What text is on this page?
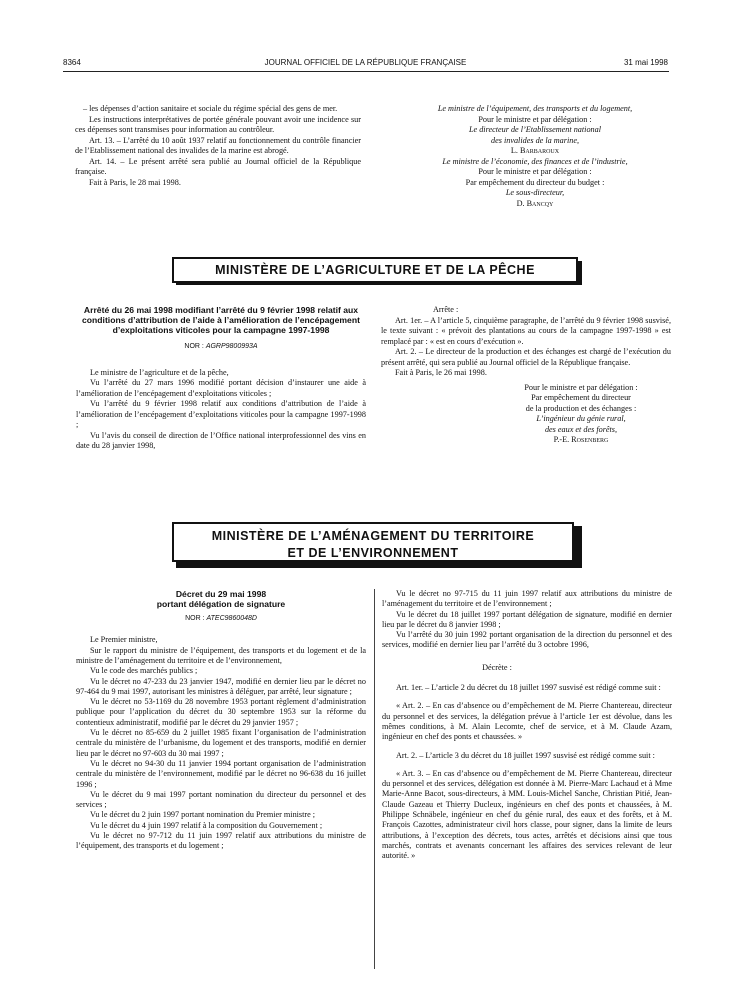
8364	JOURNAL OFFICIEL DE LA RÉPUBLIQUE FRANÇAISE	31 mai 1998

– les dépenses d’action sanitaire et sociale du régime spécial des gens de mer.

Les instructions interprétatives de portée générale pouvant avoir une incidence sur ces dépenses sont transmises pour information au contrôleur.

Art. 13. – L’arrêté du 10 août 1937 relatif au fonctionnement du contrôle financier de l’Etablissement national des invalides de la marine est abrogé.

Art. 14. – Le présent arrêté sera publié au Journal officiel de la République française.

Fait à Paris, le 28 mai 1998.

Le ministre de l’équipement, des transports et du logement,

Pour le ministre et par délégation :

Le directeur de l’Etablissement national

des invalides de la marine,

L. Barbaroux

Le ministre de l’économie, des finances et de l’industrie,

Pour le ministre et par délégation :

Par empêchement du directeur du budget :

Le sous-directeur,

D. Bancqy

MINISTÈRE DE L’AGRICULTURE ET DE LA PÊCHE
Arrêté du 26 mai 1998 modifiant l’arrêté du 9 février 1998 relatif aux conditions d’attribution de l’aide à l’amélioration de l’encépagement d’exploitations viticoles pour la campagne 1997-1998
NOR : AGRP9800993A

Le ministre de l’agriculture et de la pêche,

Vu l’arrêté du 27 mars 1996 modifié portant décision d’instaurer une aide à l’amélioration de l’encépagement d’exploitations viticoles ;

Vu l’arrêté du 9 février 1998 relatif aux conditions d’attribution de l’aide à l’amélioration de l’encépagement d’exploitations viticoles pour la campagne 1997-1998 ;

Vu l’avis du conseil de direction de l’Office national interprofessionnel des vins en date du 28 janvier 1998,

Arrête :

Art. 1er. – A l’article 5, cinquième paragraphe, de l’arrêté du 9 février 1998 susvisé, le texte suivant : « prévoit des plantations au cours de la campagne 1997-1998 » est remplacé par : « est en cours d’exécution ».

Art. 2. – Le directeur de la production et des échanges est chargé de l’exécution du présent arrêté, qui sera publié au Journal officiel de la République française.

Fait à Paris, le 26 mai 1998.

Pour le ministre et par délégation :

Par empêchement du directeur

de la production et des échanges :

L’ingénieur du génie rural,

des eaux et des forêts,

P.-E. Rosenberg

MINISTÈRE DE L’AMÉNAGEMENT DU TERRITOIRE
ET DE L’ENVIRONNEMENT
Décret du 29 mai 1998
portant délégation de signature
NOR : ATEC9860048D

Le Premier ministre,

Sur le rapport du ministre de l’équipement, des transports et du logement et de la ministre de l’aménagement du territoire et de l’environnement,

Vu le code des marchés publics ;

Vu le décret no 47-233 du 23 janvier 1947, modifié en dernier lieu par le décret no 97-464 du 9 mai 1997, autorisant les ministres à déléguer, par arrêté, leur signature ;

Vu le décret no 53-1169 du 28 novembre 1953 portant règlement d’administration publique pour l’application du décret du 30 septembre 1953 sur la réforme du contentieux administratif, modifié par le décret du 29 janvier 1957 ;

Vu le décret no 85-659 du 2 juillet 1985 fixant l’organisation de l’administration centrale du ministère de l’urbanisme, du logement et des transports, modifié en dernier lieu par le décret no 97-603 du 30 mai 1997 ;

Vu le décret no 94-30 du 11 janvier 1994 portant organisation de l’administration centrale du ministère de l’environnement, modifié par le décret no 96-638 du 16 juillet 1996 ;

Vu le décret du 9 mai 1997 portant nomination du directeur du personnel et des services ;

Vu le décret du 2 juin 1997 portant nomination du Premier ministre ;

Vu le décret du 4 juin 1997 relatif à la composition du Gouvernement ;

Vu le décret no 97-712 du 11 juin 1997 relatif aux attributions du ministre de l’équipement, des transports et du logement ;

Vu le décret no 97-715 du 11 juin 1997 relatif aux attributions du ministre de l’aménagement du territoire et de l’environnement ;

Vu le décret du 18 juillet 1997 portant délégation de signature, modifié en dernier lieu par le décret du 8 janvier 1998 ;

Vu l’arrêté du 30 juin 1992 portant organisation de la direction du personnel et des services, modifié en dernier lieu par l’arrêté du 3 octobre 1996,

Décrète :

Art. 1er. – L’article 2 du décret du 18 juillet 1997 susvisé est rédigé comme suit :

« Art. 2. – En cas d’absence ou d’empêchement de M. Pierre Chantereau, directeur du personnel et des services, la délégation prévue à l’article 1er est dévolue, dans les mêmes conditions, à M. Alain Lecomte, chef de service, et à M. Claude Azam, ingénieur en chef des ponts et chaussées. »

Art. 2. – L’article 3 du décret du 18 juillet 1997 susvisé est rédigé comme suit :

« Art. 3. – En cas d’absence ou d’empêchement de M. Pierre Chantereau, directeur du personnel et des services, délégation est donnée à M. Pierre-Marc Lachaud et à Mme Marie-Anne Bacot, sous-directeurs, à MM. Louis-Michel Sanche, Christian Pitié, Jean-Claude Gazeau et Thierry Ducleux, ingénieurs en chef des ponts et chaussées, à M. Philippe Schnäbele, ingénieur en chef du génie rural, des eaux et des forêts, et à M. François Cazottes, administrateur civil hors classe, pour signer, dans la limite de leurs attributions, à l’exception des décrets, tous actes, arrêtés et décisions ainsi que tous marchés, contrats et avenants concernant les affaires des services relevant de leur autorité. »
